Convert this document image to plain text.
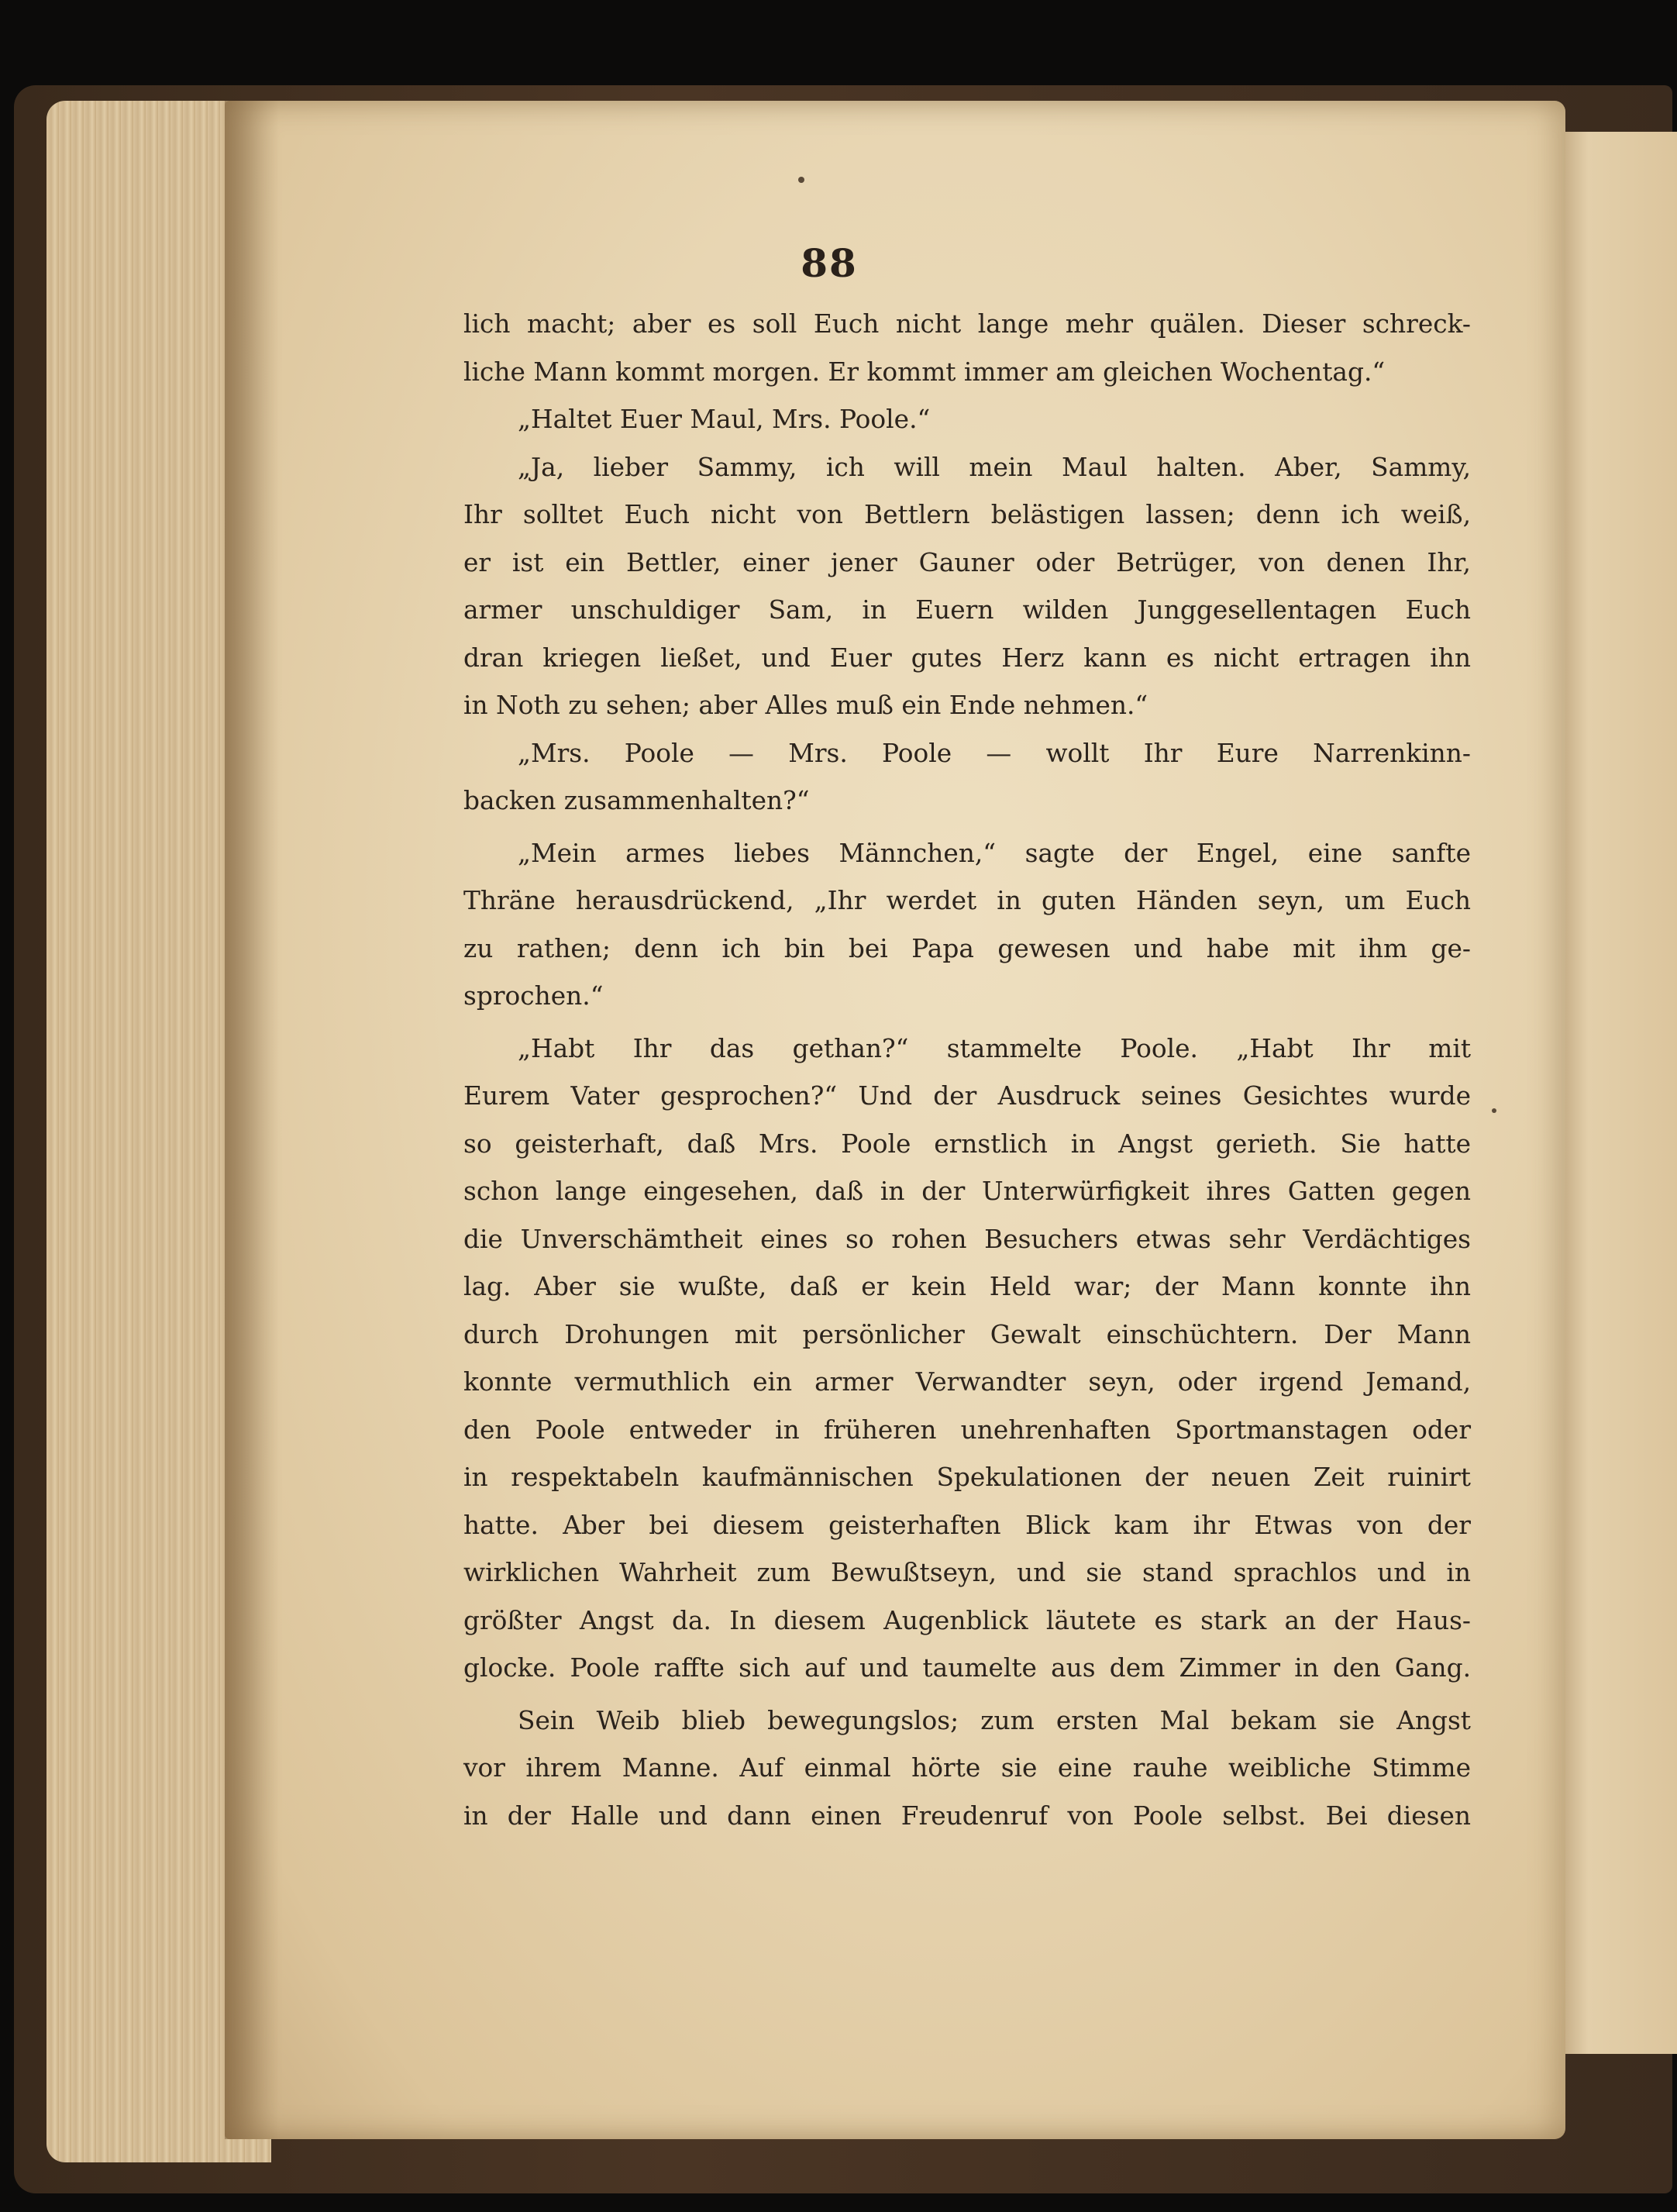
88
lich macht; aber es soll Euch nicht lange mehr quälen. Dieser schreck-
liche Mann kommt morgen. Er kommt immer am gleichen Wochentag.“
„Haltet Euer Maul, Mrs. Poole.“
„Ja, lieber Sammy, ich will mein Maul halten. Aber, Sammy,
Ihr solltet Euch nicht von Bettlern belästigen lassen; denn ich weiß,
er ist ein Bettler, einer jener Gauner oder Betrüger, von denen Ihr,
armer unschuldiger Sam, in Euern wilden Junggesellentagen Euch
dran kriegen ließet, und Euer gutes Herz kann es nicht ertragen ihn
in Noth zu sehen; aber Alles muß ein Ende nehmen.“
„Mrs. Poole — Mrs. Poole — wollt Ihr Eure Narrenkinn-
backen zusammenhalten?“
„Mein armes liebes Männchen,“ sagte der Engel, eine sanfte
Thräne herausdrückend, „Ihr werdet in guten Händen seyn, um Euch
zu rathen; denn ich bin bei Papa gewesen und habe mit ihm ge-
sprochen.“
„Habt Ihr das gethan?“ stammelte Poole. „Habt Ihr mit
Eurem Vater gesprochen?“ Und der Ausdruck seines Gesichtes wurde
so geisterhaft, daß Mrs. Poole ernstlich in Angst gerieth. Sie hatte
schon lange eingesehen, daß in der Unterwürfigkeit ihres Gatten gegen
die Unverschämtheit eines so rohen Besuchers etwas sehr Verdächtiges
lag. Aber sie wußte, daß er kein Held war; der Mann konnte ihn
durch Drohungen mit persönlicher Gewalt einschüchtern. Der Mann
konnte vermuthlich ein armer Verwandter seyn, oder irgend Jemand,
den Poole entweder in früheren unehrenhaften Sportmanstagen oder
in respektabeln kaufmännischen Spekulationen der neuen Zeit ruinirt
hatte. Aber bei diesem geisterhaften Blick kam ihr Etwas von der
wirklichen Wahrheit zum Bewußtseyn, und sie stand sprachlos und in
größter Angst da. In diesem Augenblick läutete es stark an der Haus-
glocke. Poole raffte sich auf und taumelte aus dem Zimmer in den Gang.
Sein Weib blieb bewegungslos; zum ersten Mal bekam sie Angst
vor ihrem Manne. Auf einmal hörte sie eine rauhe weibliche Stimme
in der Halle und dann einen Freudenruf von Poole selbst. Bei diesen
